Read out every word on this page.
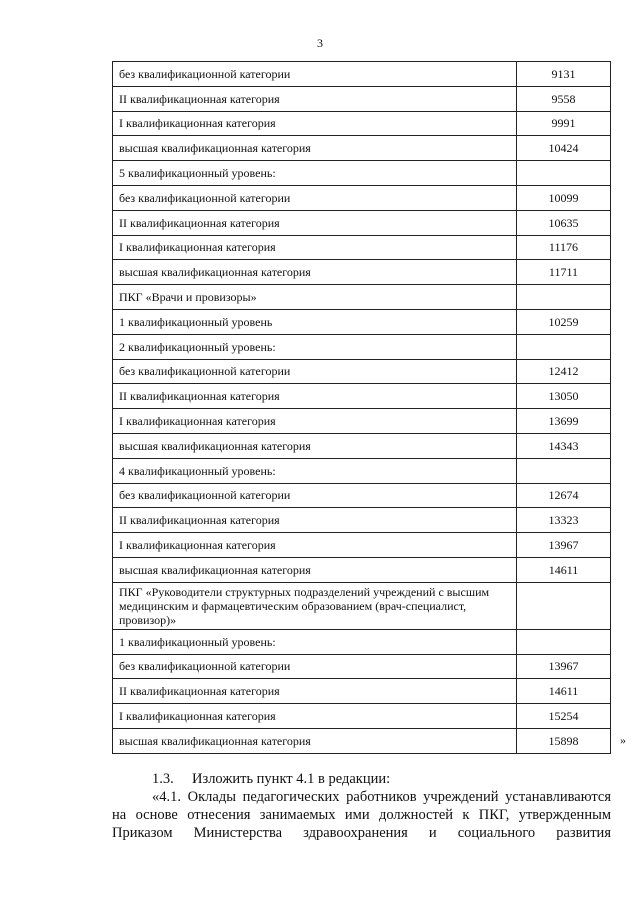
3
без квалификационной категории	9131
II квалификационная категория	9558
I квалификационная категория	9991
высшая квалификационная категория	10424
5 квалификационный уровень:	
без квалификационной категории	10099
II квалификационная категория	10635
I квалификационная категория	11176
высшая квалификационная категория	11711
ПКГ «Врачи и провизоры»	
1 квалификационный уровень	10259
2 квалификационный уровень:	
без квалификационной категории	12412
II квалификационная категория	13050
I квалификационная категория	13699
высшая квалификационная категория	14343
4 квалификационный уровень:	
без квалификационной категории	12674
II квалификационная категория	13323
I квалификационная категория	13967
высшая квалификационная категория	14611
ПКГ «Руководители структурных подразделений учреждений с высшим медицинским и фармацевтическим образованием (врач-специалист, провизор)»	
1 квалификационный уровень:	
без квалификационной категории	13967
II квалификационная категория	14611
I квалификационная категория	15254
высшая квалификационная категория	15898	»

1.3. Изложить пункт 4.1 в редакции:

«4.1. Оклады педагогических работников учреждений устанавливаются

на основе отнесения занимаемых ими должностей к ПКГ, утвержденным

Приказом Министерства здравоохранения и социального развития
